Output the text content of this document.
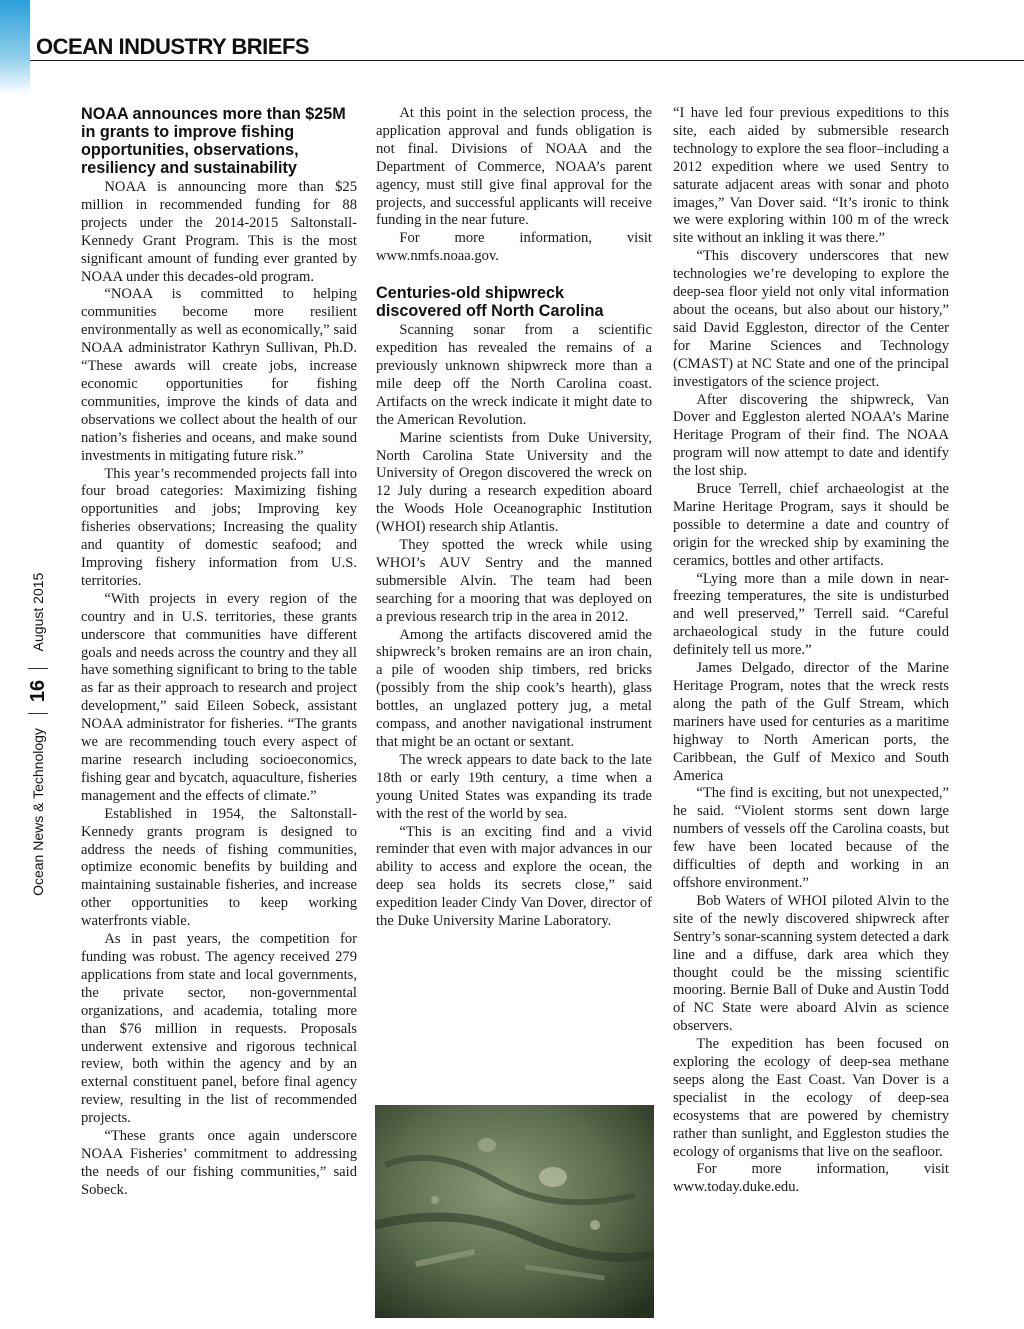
OCEAN INDUSTRY BRIEFS
Ocean News & Technology
16
August 2015
NOAA announces more than $25M in grants to improve fishing opportunities, observations, resiliency and sustainability

NOAA is announcing more than $25 million in recommended funding for 88 projects under the 2014-2015 Saltonstall-Kennedy Grant Program. This is the most significant amount of funding ever granted by NOAA under this decades-old program.

“NOAA is committed to helping communities become more resilient environmentally as well as economically,” said NOAA administrator Kathryn Sullivan, Ph.D. “These awards will create jobs, increase economic opportunities for fishing communities, improve the kinds of data and observations we collect about the health of our nation’s fisheries and oceans, and make sound investments in mitigating future risk.”

This year’s recommended projects fall into four broad categories: Maximizing fishing opportunities and jobs; Improving key fisheries observations; Increasing the quality and quantity of domestic seafood; and Improving fishery information from U.S. territories.

“With projects in every region of the country and in U.S. territories, these grants underscore that communities have different goals and needs across the country and they all have something significant to bring to the table as far as their approach to research and project development,” said Eileen Sobeck, assistant NOAA administrator for fisheries. “The grants we are recommending touch every aspect of marine research including socioeconomics, fishing gear and bycatch, aquaculture, fisheries management and the effects of climate.”

Established in 1954, the Saltonstall-Kennedy grants program is designed to address the needs of fishing communities, optimize economic benefits by building and maintaining sustainable fisheries, and increase other opportunities to keep working waterfronts viable.

As in past years, the competition for funding was robust. The agency received 279 applications from state and local governments, the private sector, non-governmental organizations, and academia, totaling more than $76 million in requests. Proposals underwent extensive and rigorous technical review, both within the agency and by an external constituent panel, before final agency review, resulting in the list of recommended projects.

“These grants once again underscore NOAA Fisheries’ commitment to addressing the needs of our fishing communities,” said Sobeck.

At this point in the selection process, the application approval and funds obligation is not final. Divisions of NOAA and the Department of Commerce, NOAA’s parent agency, must still give final approval for the projects, and successful applicants will receive funding in the near future.

For more information, visit www.nmfs.noaa.gov.

Centuries-old shipwreck discovered off North Carolina

Scanning sonar from a scientific expedition has revealed the remains of a previously unknown shipwreck more than a mile deep off the North Carolina coast. Artifacts on the wreck indicate it might date to the American Revolution.

Marine scientists from Duke University, North Carolina State University and the University of Oregon discovered the wreck on 12 July during a research expedition aboard the Woods Hole Oceanographic Institution (WHOI) research ship Atlantis.

They spotted the wreck while using WHOI’s AUV Sentry and the manned submersible Alvin. The team had been searching for a mooring that was deployed on a previous research trip in the area in 2012.

Among the artifacts discovered amid the shipwreck’s broken remains are an iron chain, a pile of wooden ship timbers, red bricks (possibly from the ship cook’s hearth), glass bottles, an unglazed pottery jug, a metal compass, and another navigational instrument that might be an octant or sextant.

The wreck appears to date back to the late 18th or early 19th century, a time when a young United States was expanding its trade with the rest of the world by sea.

“This is an exciting find and a vivid reminder that even with major advances in our ability to access and explore the ocean, the deep sea holds its secrets close,” said expedition leader Cindy Van Dover, director of the Duke University Marine Laboratory.

“I have led four previous expeditions to this site, each aided by submersible research technology to explore the sea floor–including a 2012 expedition where we used Sentry to saturate adjacent areas with sonar and photo images,” Van Dover said. “It’s ironic to think we were exploring within 100 m of the wreck site without an inkling it was there.”

“This discovery underscores that new technologies we’re developing to explore the deep-sea floor yield not only vital information about the oceans, but also about our history,” said David Eggleston, director of the Center for Marine Sciences and Technology (CMAST) at NC State and one of the principal investigators of the science project.

After discovering the shipwreck, Van Dover and Eggleston alerted NOAA’s Marine Heritage Program of their find. The NOAA program will now attempt to date and identify the lost ship.

Bruce Terrell, chief archaeologist at the Marine Heritage Program, says it should be possible to determine a date and country of origin for the wrecked ship by examining the ceramics, bottles and other artifacts.

“Lying more than a mile down in near-freezing temperatures, the site is undisturbed and well preserved,” Terrell said. “Careful archaeological study in the future could definitely tell us more.”

James Delgado, director of the Marine Heritage Program, notes that the wreck rests along the path of the Gulf Stream, which mariners have used for centuries as a maritime highway to North American ports, the Caribbean, the Gulf of Mexico and South America

“The find is exciting, but not unexpected,” he said. “Violent storms sent down large numbers of vessels off the Carolina coasts, but few have been located because of the difficulties of depth and working in an offshore environment.”

Bob Waters of WHOI piloted Alvin to the site of the newly discovered shipwreck after Sentry’s sonar-scanning system detected a dark line and a diffuse, dark area which they thought could be the missing scientific mooring. Bernie Ball of Duke and Austin Todd of NC State were aboard Alvin as science observers.

The expedition has been focused on exploring the ecology of deep-sea methane seeps along the East Coast. Van Dover is a specialist in the ecology of deep-sea ecosystems that are powered by chemistry rather than sunlight, and Eggleston studies the ecology of organisms that live on the seafloor.

For more information, visit www.today.duke.edu.
